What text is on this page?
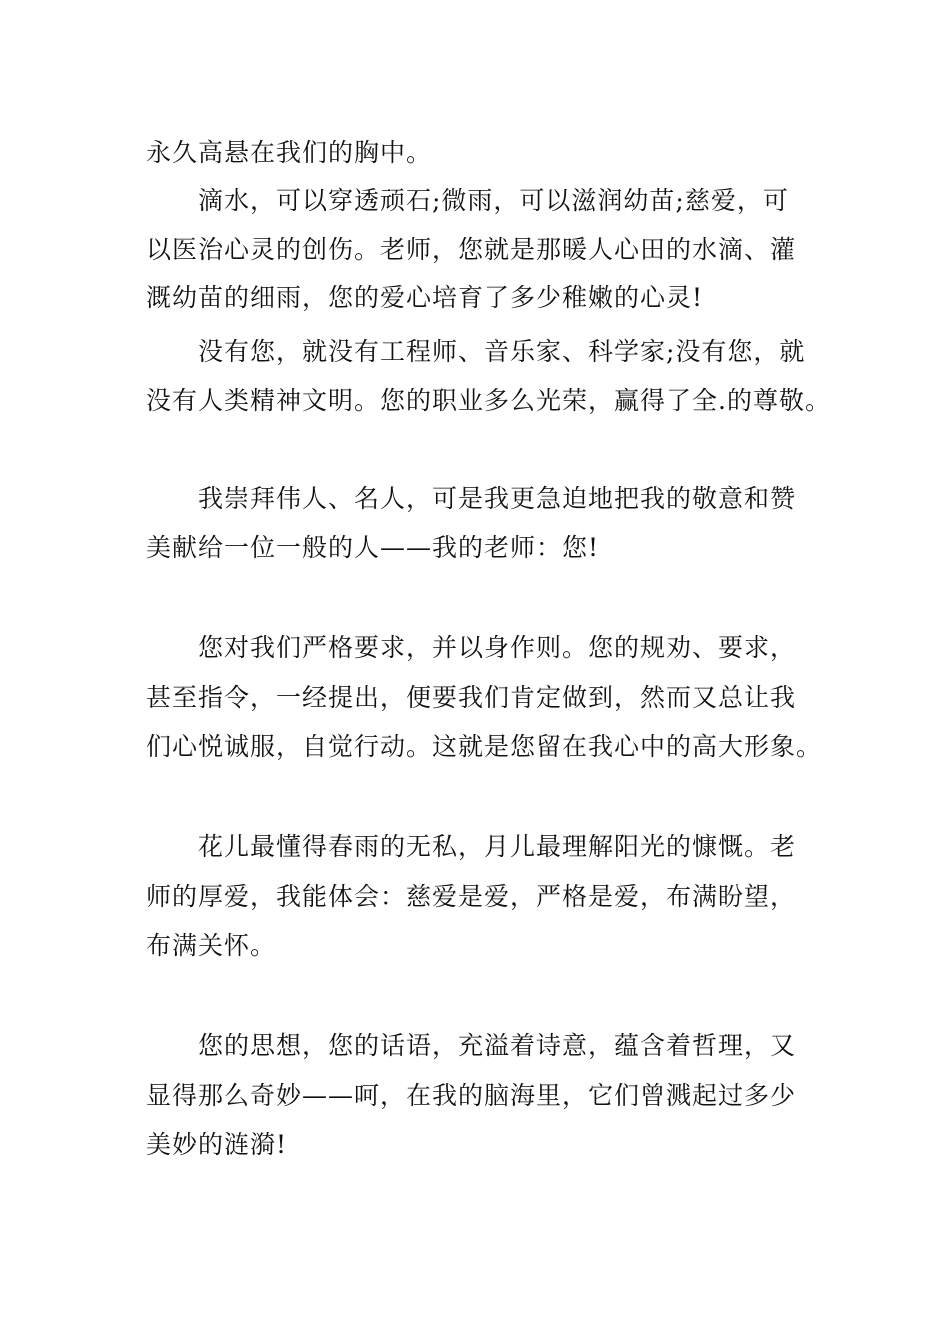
永久高悬在我们的胸中。
滴水，可以穿透顽石;微雨，可以滋润幼苗;慈爱，可
以医治心灵的创伤。老师，您就是那暖人心田的水滴、灌
溉幼苗的细雨，您的爱心培育了多少稚嫩的心灵!
没有您，就没有工程师、音乐家、科学家;没有您，就
没有人类精神文明。您的职业多么光荣，赢得了全.的尊敬。
我崇拜伟人、名人，可是我更急迫地把我的敬意和赞
美献给一位一般的人——我的老师：您!
您对我们严格要求，并以身作则。您的规劝、要求，
甚至指令，一经提出，便要我们肯定做到，然而又总让我
们心悦诚服，自觉行动。这就是您留在我心中的高大形象。
花儿最懂得春雨的无私，月儿最理解阳光的慷慨。老
师的厚爱，我能体会：慈爱是爱，严格是爱，布满盼望，
布满关怀。
您的思想，您的话语，充溢着诗意，蕴含着哲理，又
显得那么奇妙——呵，在我的脑海里，它们曾溅起过多少
美妙的涟漪!
